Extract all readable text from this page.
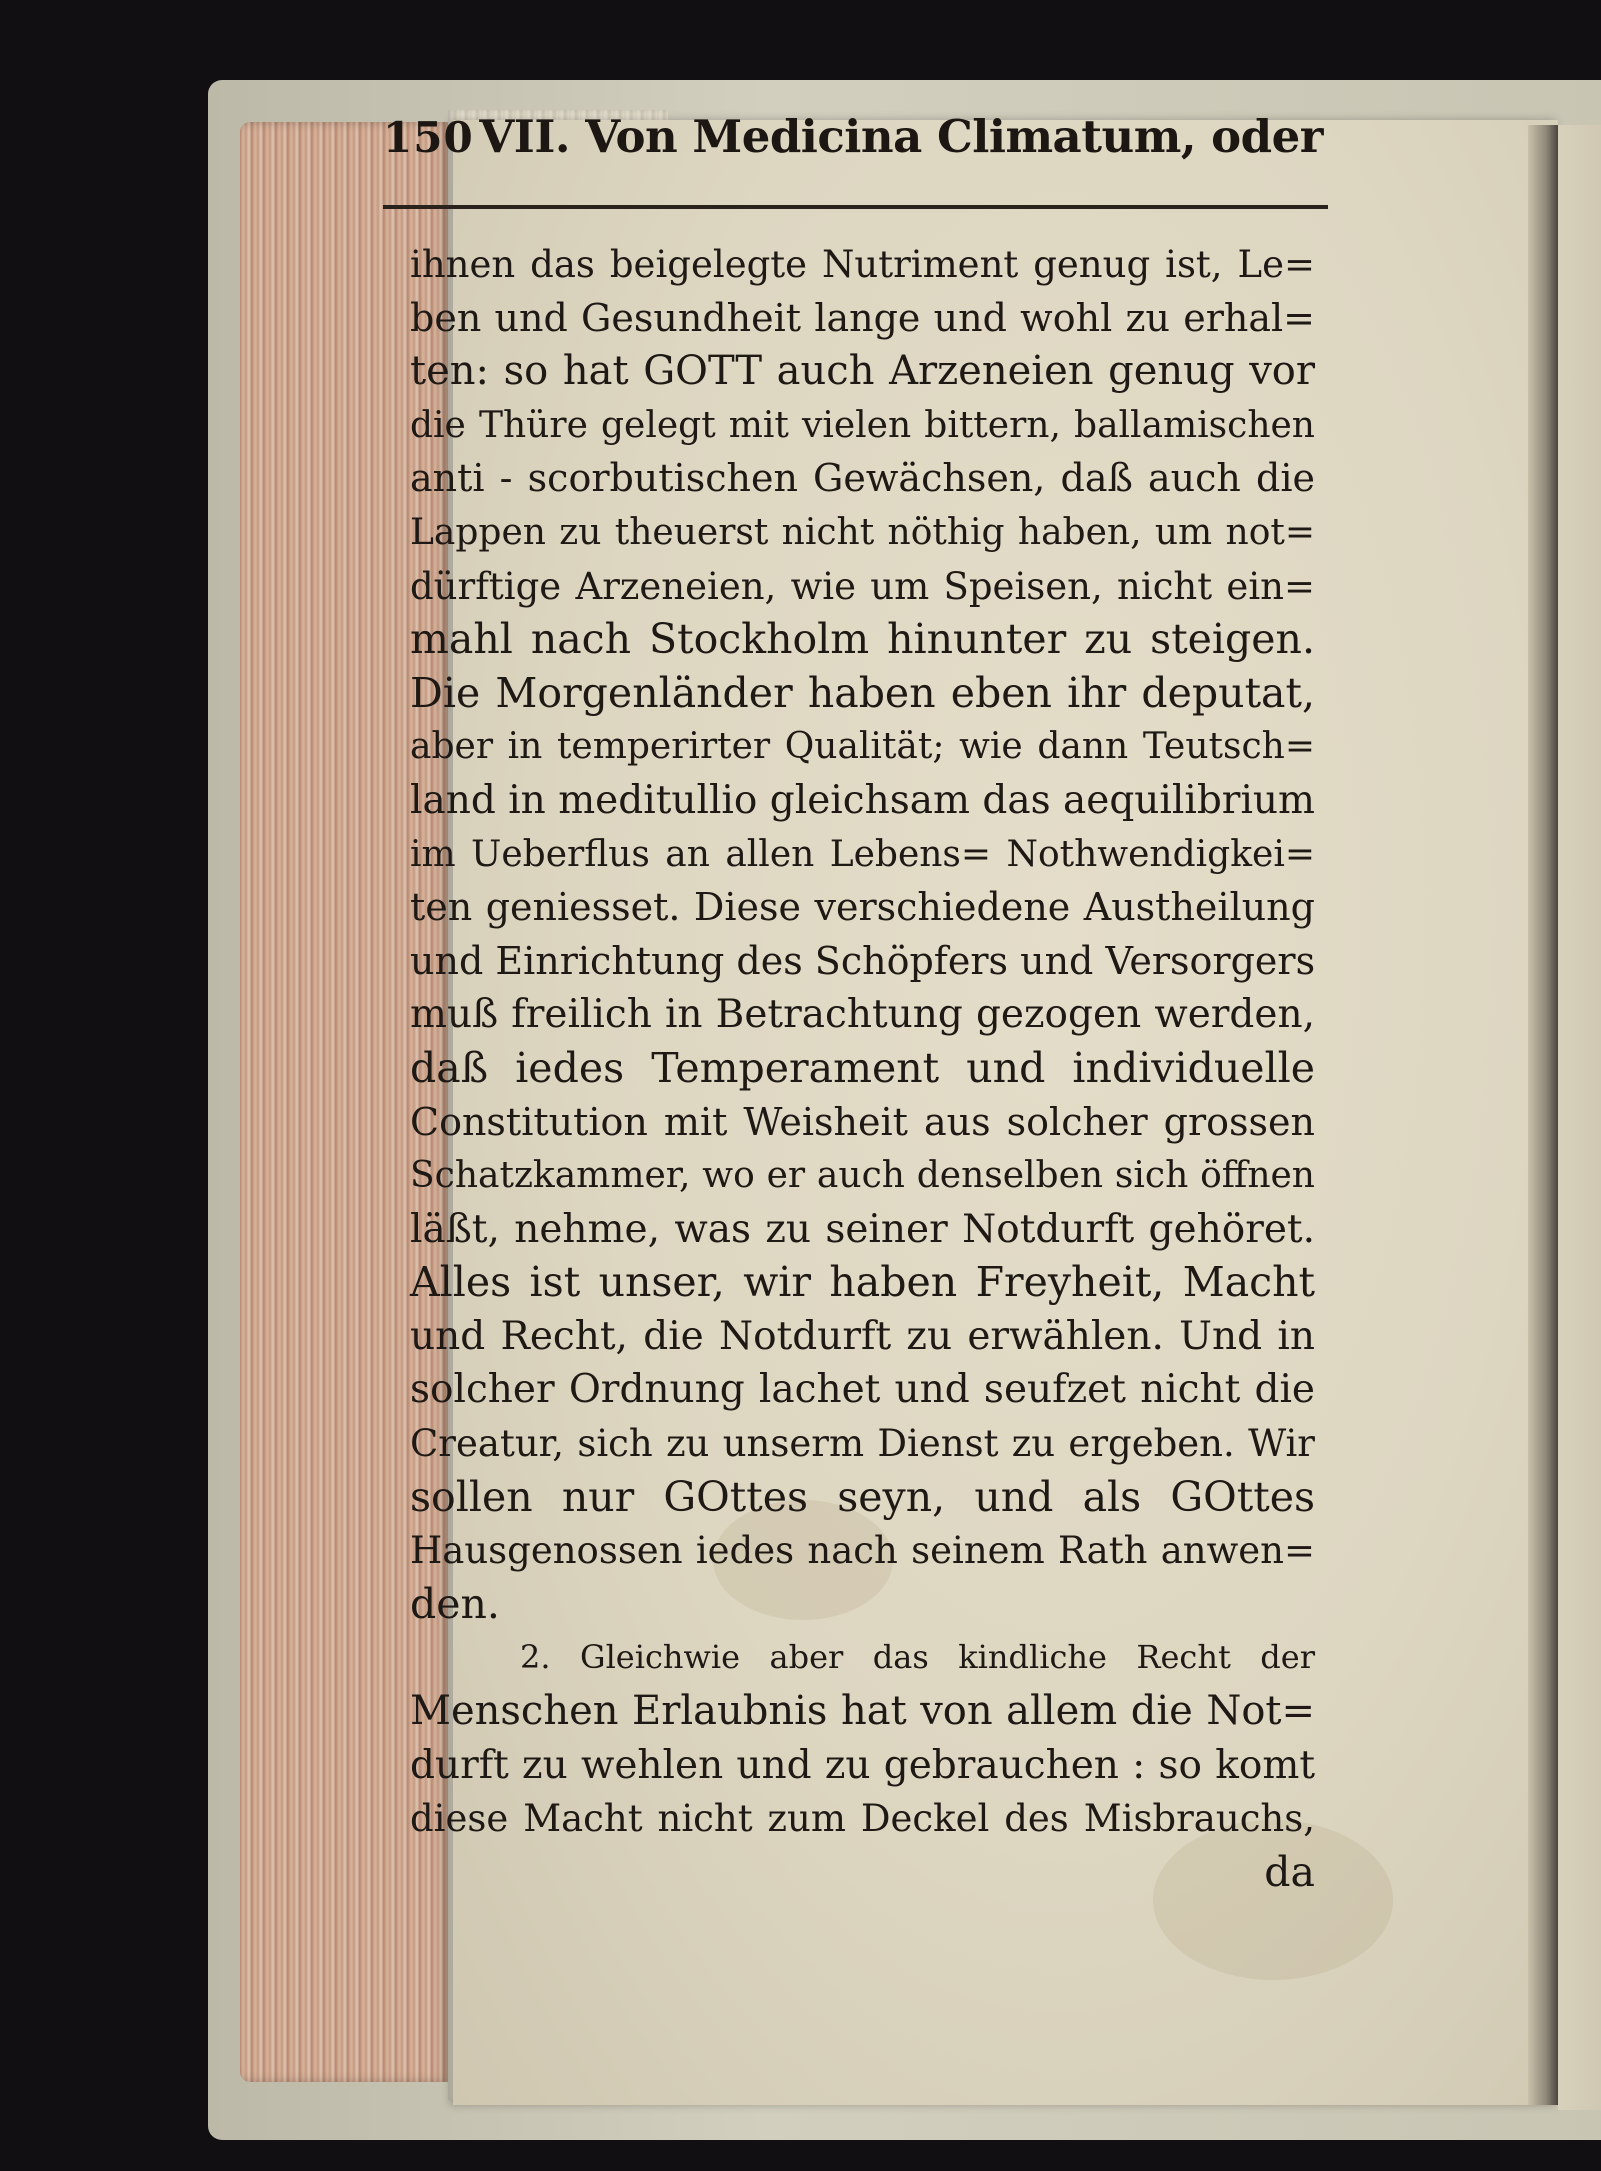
150 VII. Von Medicina Climatum, oder
ihnen das beigelegte Nutriment genug ist, Le=
ben und Gesundheit lange und wohl zu erhal=
ten: so hat GOTT auch Arzeneien genug vor
die Thüre gelegt mit vielen bittern, ballamischen
anti - scorbutischen Gewächsen, daß auch die
Lappen zu theuerst nicht nöthig haben, um not=
dürftige Arzeneien, wie um Speisen, nicht ein=
mahl nach Stockholm hinunter zu steigen.
Die Morgenländer haben eben ihr deputat,
aber in temperirter Qualität; wie dann Teutsch=
land in meditullio gleichsam das aequilibrium
im Ueberflus an allen Lebens= Nothwendigkei=
ten geniesset. Diese verschiedene Austheilung
und Einrichtung des Schöpfers und Versorgers
muß freilich in Betrachtung gezogen werden,
daß iedes Temperament und individuelle
Constitution mit Weisheit aus solcher grossen
Schatzkammer, wo er auch denselben sich öffnen
läßt, nehme, was zu seiner Notdurft gehöret.
Alles ist unser, wir haben Freyheit, Macht
und Recht, die Notdurft zu erwählen. Und in
solcher Ordnung lachet und seufzet nicht die
Creatur, sich zu unserm Dienst zu ergeben. Wir
sollen nur GOttes seyn, und als GOttes
Hausgenossen iedes nach seinem Rath anwen=
den.
2. Gleichwie aber das kindliche Recht der
Menschen Erlaubnis hat von allem die Not=
durft zu wehlen und zu gebrauchen : so komt
diese Macht nicht zum Deckel des Misbrauchs,
da
